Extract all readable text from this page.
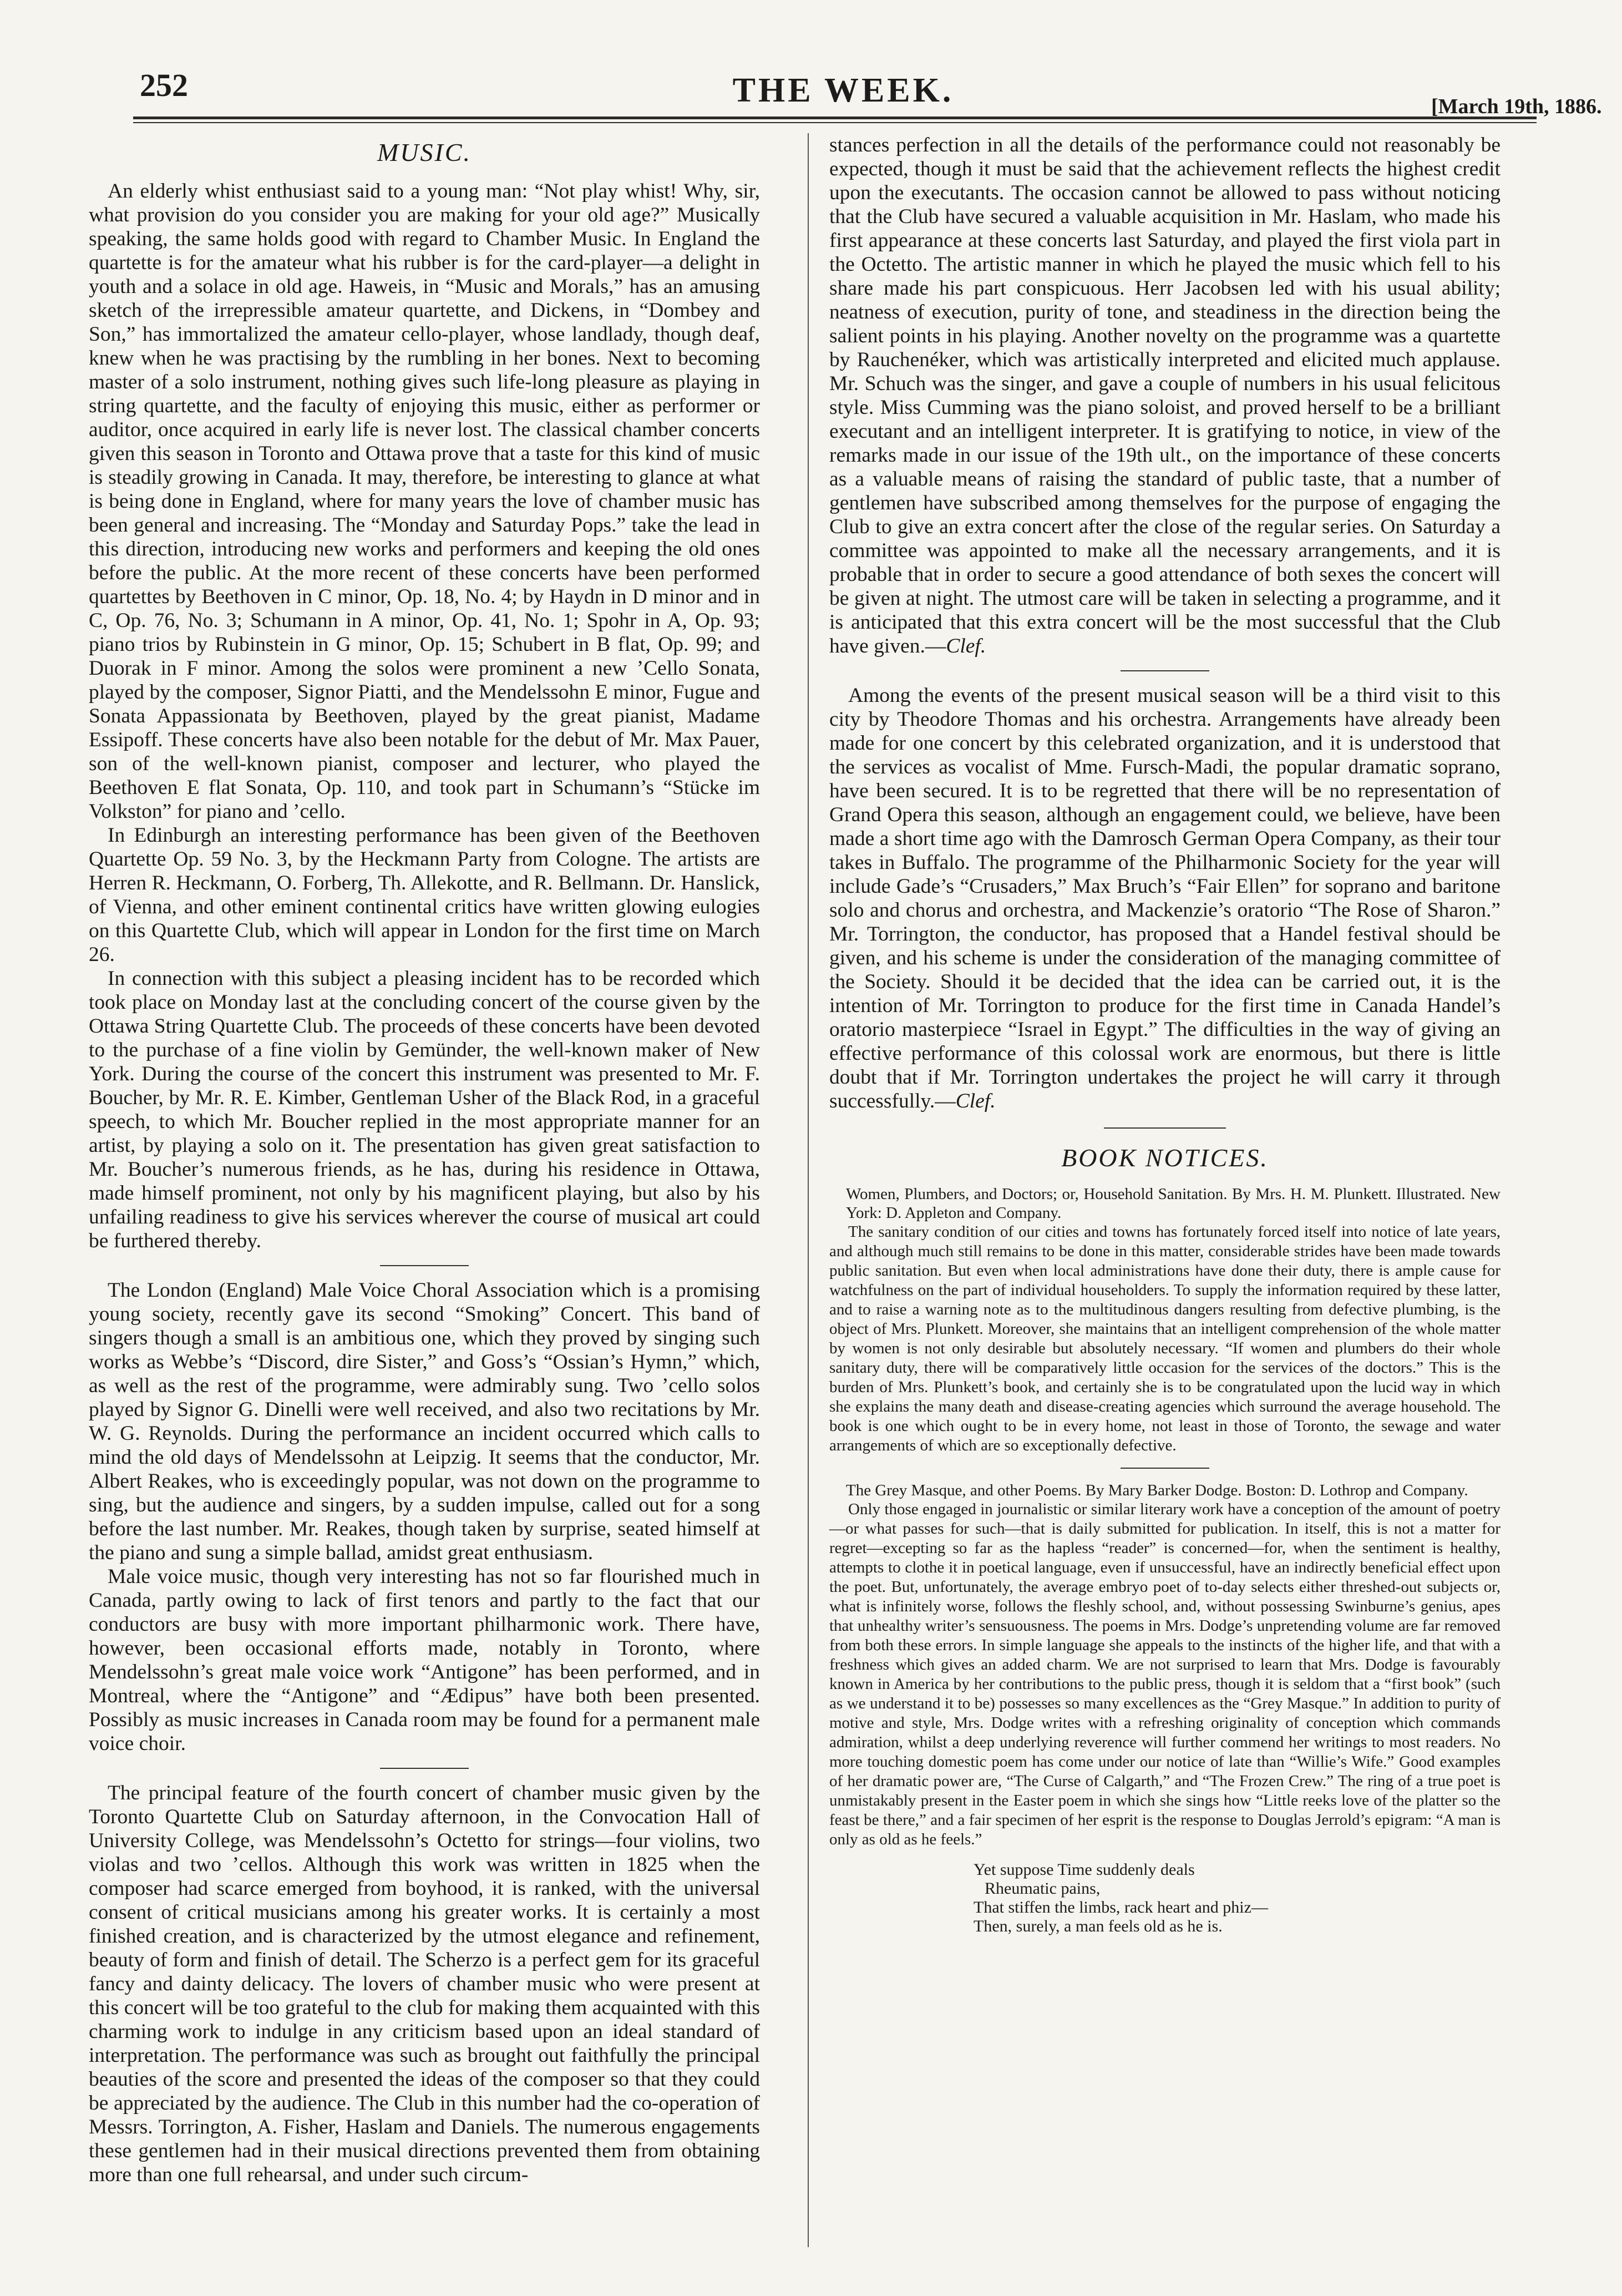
252	THE WEEK.	[March 19th, 1886.
MUSIC.

An elderly whist enthusiast said to a young man: “Not play whist! Why, sir, what provision do you consider you are making for your old age?” Musically speaking, the same holds good with regard to Chamber Music. In England the quartette is for the amateur what his rubber is for the card-player—a delight in youth and a solace in old age. Haweis, in “Music and Morals,” has an amusing sketch of the irrepressible amateur quartette, and Dickens, in “Dombey and Son,” has immortalized the amateur cello-player, whose landlady, though deaf, knew when he was practising by the rumbling in her bones. Next to becoming master of a solo instrument, nothing gives such life-long pleasure as playing in string quartette, and the faculty of enjoying this music, either as performer or auditor, once acquired in early life is never lost. The classical chamber concerts given this season in Toronto and Ottawa prove that a taste for this kind of music is steadily growing in Canada. It may, therefore, be interesting to glance at what is being done in England, where for many years the love of chamber music has been general and increasing. The “Monday and Saturday Pops.” take the lead in this direction, introducing new works and performers and keeping the old ones before the public. At the more recent of these concerts have been performed quartettes by Beethoven in C minor, Op. 18, No. 4; by Haydn in D minor and in C, Op. 76, No. 3; Schumann in A minor, Op. 41, No. 1; Spohr in A, Op. 93; piano trios by Rubinstein in G minor, Op. 15; Schubert in B flat, Op. 99; and Duorak in F minor. Among the solos were prominent a new ’Cello Sonata, played by the composer, Signor Piatti, and the Mendelssohn E minor, Fugue and Sonata Appassionata by Beethoven, played by the great pianist, Madame Essipoff. These concerts have also been notable for the debut of Mr. Max Pauer, son of the well-known pianist, composer and lecturer, who played the Beethoven E flat Sonata, Op. 110, and took part in Schumann’s “Stücke im Volkston” for piano and ’cello.

In Edinburgh an interesting performance has been given of the Beethoven Quartette Op. 59 No. 3, by the Heckmann Party from Cologne. The artists are Herren R. Heckmann, O. Forberg, Th. Allekotte, and R. Bellmann. Dr. Hanslick, of Vienna, and other eminent continental critics have written glowing eulogies on this Quartette Club, which will appear in London for the first time on March 26.

In connection with this subject a pleasing incident has to be recorded which took place on Monday last at the concluding concert of the course given by the Ottawa String Quartette Club. The proceeds of these concerts have been devoted to the purchase of a fine violin by Gemünder, the well-known maker of New York. During the course of the concert this instrument was presented to Mr. F. Boucher, by Mr. R. E. Kimber, Gentleman Usher of the Black Rod, in a graceful speech, to which Mr. Boucher replied in the most appropriate manner for an artist, by playing a solo on it. The presentation has given great satisfaction to Mr. Boucher’s numerous friends, as he has, during his residence in Ottawa, made himself prominent, not only by his magnificent playing, but also by his unfailing readiness to give his services wherever the course of musical art could be furthered thereby.

The London (England) Male Voice Choral Association which is a promising young society, recently gave its second “Smoking” Concert. This band of singers though a small is an ambitious one, which they proved by singing such works as Webbe’s “Discord, dire Sister,” and Goss’s “Ossian’s Hymn,” which, as well as the rest of the programme, were admirably sung. Two ’cello solos played by Signor G. Dinelli were well received, and also two recitations by Mr. W. G. Reynolds. During the performance an incident occurred which calls to mind the old days of Mendelssohn at Leipzig. It seems that the conductor, Mr. Albert Reakes, who is exceedingly popular, was not down on the programme to sing, but the audience and singers, by a sudden impulse, called out for a song before the last number. Mr. Reakes, though taken by surprise, seated himself at the piano and sung a simple ballad, amidst great enthusiasm.

Male voice music, though very interesting has not so far flourished much in Canada, partly owing to lack of first tenors and partly to the fact that our conductors are busy with more important philharmonic work. There have, however, been occasional efforts made, notably in Toronto, where Mendelssohn’s great male voice work “Antigone” has been performed, and in Montreal, where the “Antigone” and “Ædipus” have both been presented. Possibly as music increases in Canada room may be found for a permanent male voice choir.

The principal feature of the fourth concert of chamber music given by the Toronto Quartette Club on Saturday afternoon, in the Convocation Hall of University College, was Mendelssohn’s Octetto for strings—four violins, two violas and two ’cellos. Although this work was written in 1825 when the composer had scarce emerged from boyhood, it is ranked, with the universal consent of critical musicians among his greater works. It is certainly a most finished creation, and is characterized by the utmost elegance and refinement, beauty of form and finish of detail. The Scherzo is a perfect gem for its graceful fancy and dainty delicacy. The lovers of chamber music who were present at this concert will be too grateful to the club for making them acquainted with this charming work to indulge in any criticism based upon an ideal standard of interpretation. The performance was such as brought out faithfully the principal beauties of the score and presented the ideas of the composer so that they could be appreciated by the audience. The Club in this number had the co-operation of Messrs. Torrington, A. Fisher, Haslam and Daniels. The numerous engagements these gentlemen had in their musical directions prevented them from obtaining more than one full rehearsal, and under such circum-

stances perfection in all the details of the performance could not reasonably be expected, though it must be said that the achievement reflects the highest credit upon the executants. The occasion cannot be allowed to pass without noticing that the Club have secured a valuable acquisition in Mr. Haslam, who made his first appearance at these concerts last Saturday, and played the first viola part in the Octetto. The artistic manner in which he played the music which fell to his share made his part conspicuous. Herr Jacobsen led with his usual ability; neatness of execution, purity of tone, and steadiness in the direction being the salient points in his playing. Another novelty on the programme was a quartette by Rauchenéker, which was artistically interpreted and elicited much applause. Mr. Schuch was the singer, and gave a couple of numbers in his usual felicitous style. Miss Cumming was the piano soloist, and proved herself to be a brilliant executant and an intelligent interpreter. It is gratifying to notice, in view of the remarks made in our issue of the 19th ult., on the importance of these concerts as a valuable means of raising the standard of public taste, that a number of gentlemen have subscribed among themselves for the purpose of engaging the Club to give an extra concert after the close of the regular series. On Saturday a committee was appointed to make all the necessary arrangements, and it is probable that in order to secure a good attendance of both sexes the concert will be given at night. The utmost care will be taken in selecting a programme, and it is anticipated that this extra concert will be the most successful that the Club have given.—Clef.

Among the events of the present musical season will be a third visit to this city by Theodore Thomas and his orchestra. Arrangements have already been made for one concert by this celebrated organization, and it is understood that the services as vocalist of Mme. Fursch-Madi, the popular dramatic soprano, have been secured. It is to be regretted that there will be no representation of Grand Opera this season, although an engagement could, we believe, have been made a short time ago with the Damrosch German Opera Company, as their tour takes in Buffalo. The programme of the Philharmonic Society for the year will include Gade’s “Crusaders,” Max Bruch’s “Fair Ellen” for soprano and baritone solo and chorus and orchestra, and Mackenzie’s oratorio “The Rose of Sharon.” Mr. Torrington, the conductor, has proposed that a Handel festival should be given, and his scheme is under the consideration of the managing committee of the Society. Should it be decided that the idea can be carried out, it is the intention of Mr. Torrington to produce for the first time in Canada Handel’s oratorio masterpiece “Israel in Egypt.” The difficulties in the way of giving an effective performance of this colossal work are enormous, but there is little doubt that if Mr. Torrington undertakes the project he will carry it through successfully.—Clef.

BOOK NOTICES.

Women, Plumbers, and Doctors; or, Household Sanitation. By Mrs. H. M. Plunkett. Illustrated. New York: D. Appleton and Company.

The sanitary condition of our cities and towns has fortunately forced itself into notice of late years, and although much still remains to be done in this matter, considerable strides have been made towards public sanitation. But even when local administrations have done their duty, there is ample cause for watchfulness on the part of individual householders. To supply the information required by these latter, and to raise a warning note as to the multitudinous dangers resulting from defective plumbing, is the object of Mrs. Plunkett. Moreover, she maintains that an intelligent comprehension of the whole matter by women is not only desirable but absolutely necessary. “If women and plumbers do their whole sanitary duty, there will be comparatively little occasion for the services of the doctors.” This is the burden of Mrs. Plunkett’s book, and certainly she is to be congratulated upon the lucid way in which she explains the many death and disease-creating agencies which surround the average household. The book is one which ought to be in every home, not least in those of Toronto, the sewage and water arrangements of which are so exceptionally defective.

The Grey Masque, and other Poems. By Mary Barker Dodge. Boston: D. Lothrop and Company.

Only those engaged in journalistic or similar literary work have a conception of the amount of poetry—or what passes for such—that is daily submitted for publication. In itself, this is not a matter for regret—excepting so far as the hapless “reader” is concerned—for, when the sentiment is healthy, attempts to clothe it in poetical language, even if unsuccessful, have an indirectly beneficial effect upon the poet. But, unfortunately, the average embryo poet of to-day selects either threshed-out subjects or, what is infinitely worse, follows the fleshly school, and, without possessing Swinburne’s genius, apes that unhealthy writer’s sensuousness. The poems in Mrs. Dodge’s unpretending volume are far removed from both these errors. In simple language she appeals to the instincts of the higher life, and that with a freshness which gives an added charm. We are not surprised to learn that Mrs. Dodge is favourably known in America by her contributions to the public press, though it is seldom that a “first book” (such as we understand it to be) possesses so many excellences as the “Grey Masque.” In addition to purity of motive and style, Mrs. Dodge writes with a refreshing originality of conception which commands admiration, whilst a deep underlying reverence will further commend her writings to most readers. No more touching domestic poem has come under our notice of late than “Willie’s Wife.” Good examples of her dramatic power are, “The Curse of Calgarth,” and “The Frozen Crew.” The ring of a true poet is unmistakably present in the Easter poem in which she sings how “Little reeks love of the platter so the feast be there,” and a fair specimen of her esprit is the response to Douglas Jerrold’s epigram: “A man is only as old as he feels.”

Yet suppose Time suddenly deals
Rheumatic pains,
That stiffen the limbs, rack heart and phiz—
Then, surely, a man feels old as he is.
